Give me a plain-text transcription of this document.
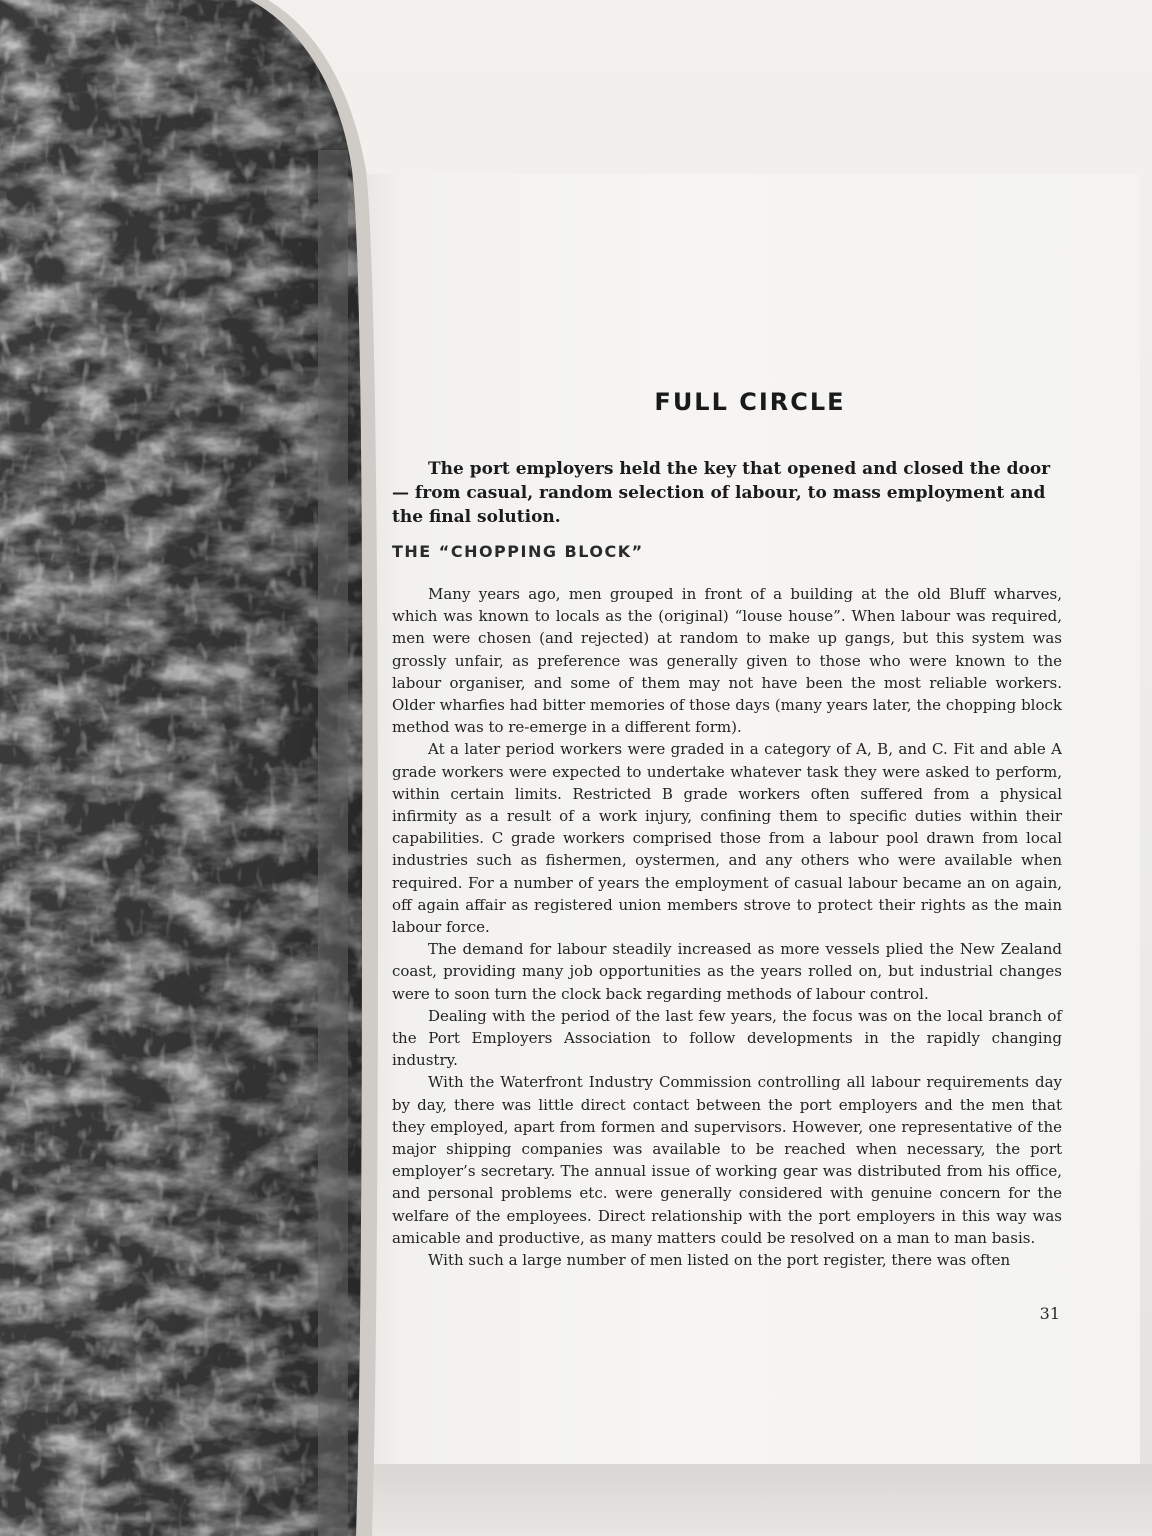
FULL CIRCLE

The port employers held the key that opened and closed the door — from casual, random selection of labour, to mass employment and the final solution.

THE “CHOPPING BLOCK”

Many years ago, men grouped in front of a building at the old Bluff wharves, which was known to locals as the (original) “louse house”. When labour was required, men were chosen (and rejected) at random to make up gangs, but this system was grossly unfair, as preference was generally given to those who were known to the labour organiser, and some of them may not have been the most reliable workers. Older wharfies had bitter memories of those days (many years later, the chopping block method was to re-emerge in a different form).

At a later period workers were graded in a category of A, B, and C. Fit and able A grade workers were expected to undertake whatever task they were asked to perform, within certain limits. Restricted B grade workers often suffered from a physical infirmity as a result of a work injury, confining them to specific duties within their capabilities. C grade workers comprised those from a labour pool drawn from local industries such as fishermen, oystermen, and any others who were available when required. For a number of years the employment of casual labour became an on again, off again affair as registered union members strove to protect their rights as the main labour force.

The demand for labour steadily increased as more vessels plied the New Zealand coast, providing many job opportunities as the years rolled on, but industrial changes were to soon turn the clock back regarding methods of labour control.

Dealing with the period of the last few years, the focus was on the local branch of the Port Employers Association to follow developments in the rapidly changing industry.

With the Waterfront Industry Commission controlling all labour requirements day by day, there was little direct contact between the port employers and the men that they employed, apart from formen and supervisors. However, one representative of the major shipping companies was available to be reached when necessary, the port employer’s secretary. The annual issue of working gear was distributed from his office, and personal problems etc. were generally considered with genuine concern for the welfare of the employees. Direct relationship with the port employers in this way was amicable and productive, as many matters could be resolved on a man to man basis.

With such a large number of men listed on the port register, there was often

31
